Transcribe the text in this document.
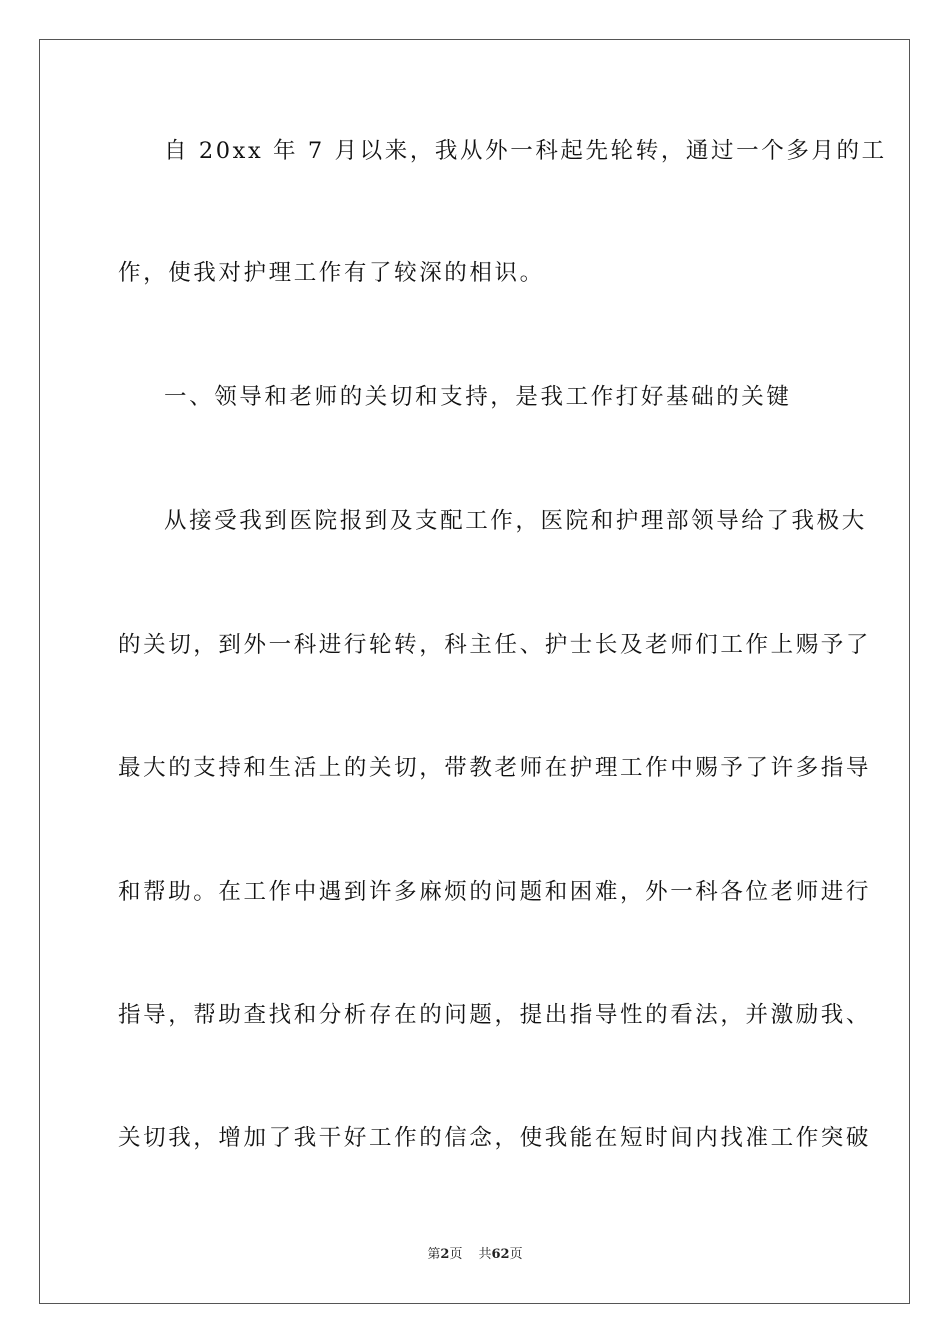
自 20xx 年 7 月以来，我从外一科起先轮转，通过一个多月的工
作，使我对护理工作有了较深的相识。
一、领导和老师的关切和支持，是我工作打好基础的关键
从接受我到医院报到及支配工作，医院和护理部领导给了我极大
的关切，到外一科进行轮转，科主任、护士长及老师们工作上赐予了
最大的支持和生活上的关切，带教老师在护理工作中赐予了许多指导
和帮助。在工作中遇到许多麻烦的问题和困难，外一科各位老师进行
指导，帮助查找和分析存在的问题，提出指导性的看法，并激励我、
关切我，增加了我干好工作的信念，使我能在短时间内找准工作突破
第2页 共62页
